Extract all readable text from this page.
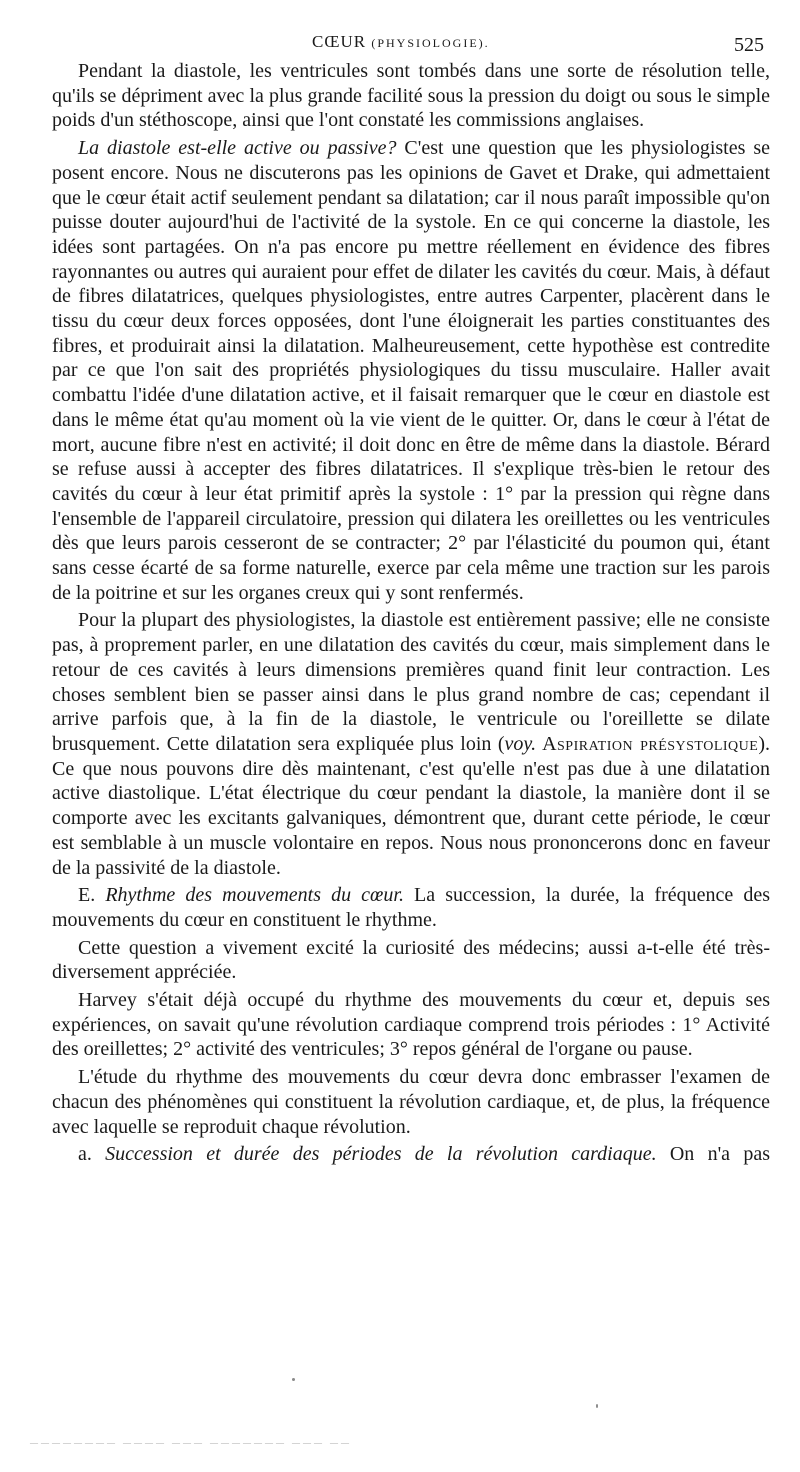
CŒUR (PHYSIOLOGIE).	525

Pendant la diastole, les ventricules sont tombés dans une sorte de résolution telle, qu'ils se dépriment avec la plus grande facilité sous la pression du doigt ou sous le simple poids d'un stéthoscope, ainsi que l'ont constaté les commissions anglaises.

La diastole est-elle active ou passive? C'est une question que les physiologistes se posent encore. Nous ne discuterons pas les opinions de Gavet et Drake, qui admettaient que le cœur était actif seulement pendant sa dilatation; car il nous paraît impossible qu'on puisse douter aujourd'hui de l'activité de la systole. En ce qui concerne la diastole, les idées sont partagées. On n'a pas encore pu mettre réellement en évidence des fibres rayonnantes ou autres qui auraient pour effet de dilater les cavités du cœur. Mais, à défaut de fibres dilatatrices, quelques physiologistes, entre autres Carpenter, placèrent dans le tissu du cœur deux forces opposées, dont l'une éloignerait les parties constituantes des fibres, et produirait ainsi la dilatation. Malheureusement, cette hypothèse est contredite par ce que l'on sait des propriétés physiologiques du tissu musculaire. Haller avait combattu l'idée d'une dilatation active, et il faisait remarquer que le cœur en diastole est dans le même état qu'au moment où la vie vient de le quitter. Or, dans le cœur à l'état de mort, aucune fibre n'est en activité; il doit donc en être de même dans la diastole. Bérard se refuse aussi à accepter des fibres dilatatrices. Il s'explique très-bien le retour des cavités du cœur à leur état primitif après la systole : 1° par la pression qui règne dans l'ensemble de l'appareil circulatoire, pression qui dilatera les oreillettes ou les ventricules dès que leurs parois cesseront de se contracter; 2° par l'élasticité du poumon qui, étant sans cesse écarté de sa forme naturelle, exerce par cela même une traction sur les parois de la poitrine et sur les organes creux qui y sont renfermés.

Pour la plupart des physiologistes, la diastole est entièrement passive; elle ne consiste pas, à proprement parler, en une dilatation des cavités du cœur, mais simplement dans le retour de ces cavités à leurs dimensions premières quand finit leur contraction. Les choses semblent bien se passer ainsi dans le plus grand nombre de cas; cependant il arrive parfois que, à la fin de la diastole, le ventricule ou l'oreillette se dilate brusquement. Cette dilatation sera expliquée plus loin (voy. Aspiration présystolique). Ce que nous pouvons dire dès maintenant, c'est qu'elle n'est pas due à une dilatation active diastolique. L'état électrique du cœur pendant la diastole, la manière dont il se comporte avec les excitants galvaniques, démontrent que, durant cette période, le cœur est semblable à un muscle volontaire en repos. Nous nous prononcerons donc en faveur de la passivité de la diastole.

E. Rhythme des mouvements du cœur. La succession, la durée, la fréquence des mouvements du cœur en constituent le rhythme.

Cette question a vivement excité la curiosité des médecins; aussi a-t-elle été très-diversement appréciée.

Harvey s'était déjà occupé du rhythme des mouvements du cœur et, depuis ses expériences, on savait qu'une révolution cardiaque comprend trois périodes : 1° Activité des oreillettes; 2° activité des ventricules; 3° repos général de l'organe ou pause.

L'étude du rhythme des mouvements du cœur devra donc embrasser l'examen de chacun des phénomènes qui constituent la révolution cardiaque, et, de plus, la fréquence avec laquelle se reproduit chaque révolution.

a. Succession et durée des périodes de la révolution cardiaque. On n'a pas

———————— ———— ——— ——————— ——— ——
